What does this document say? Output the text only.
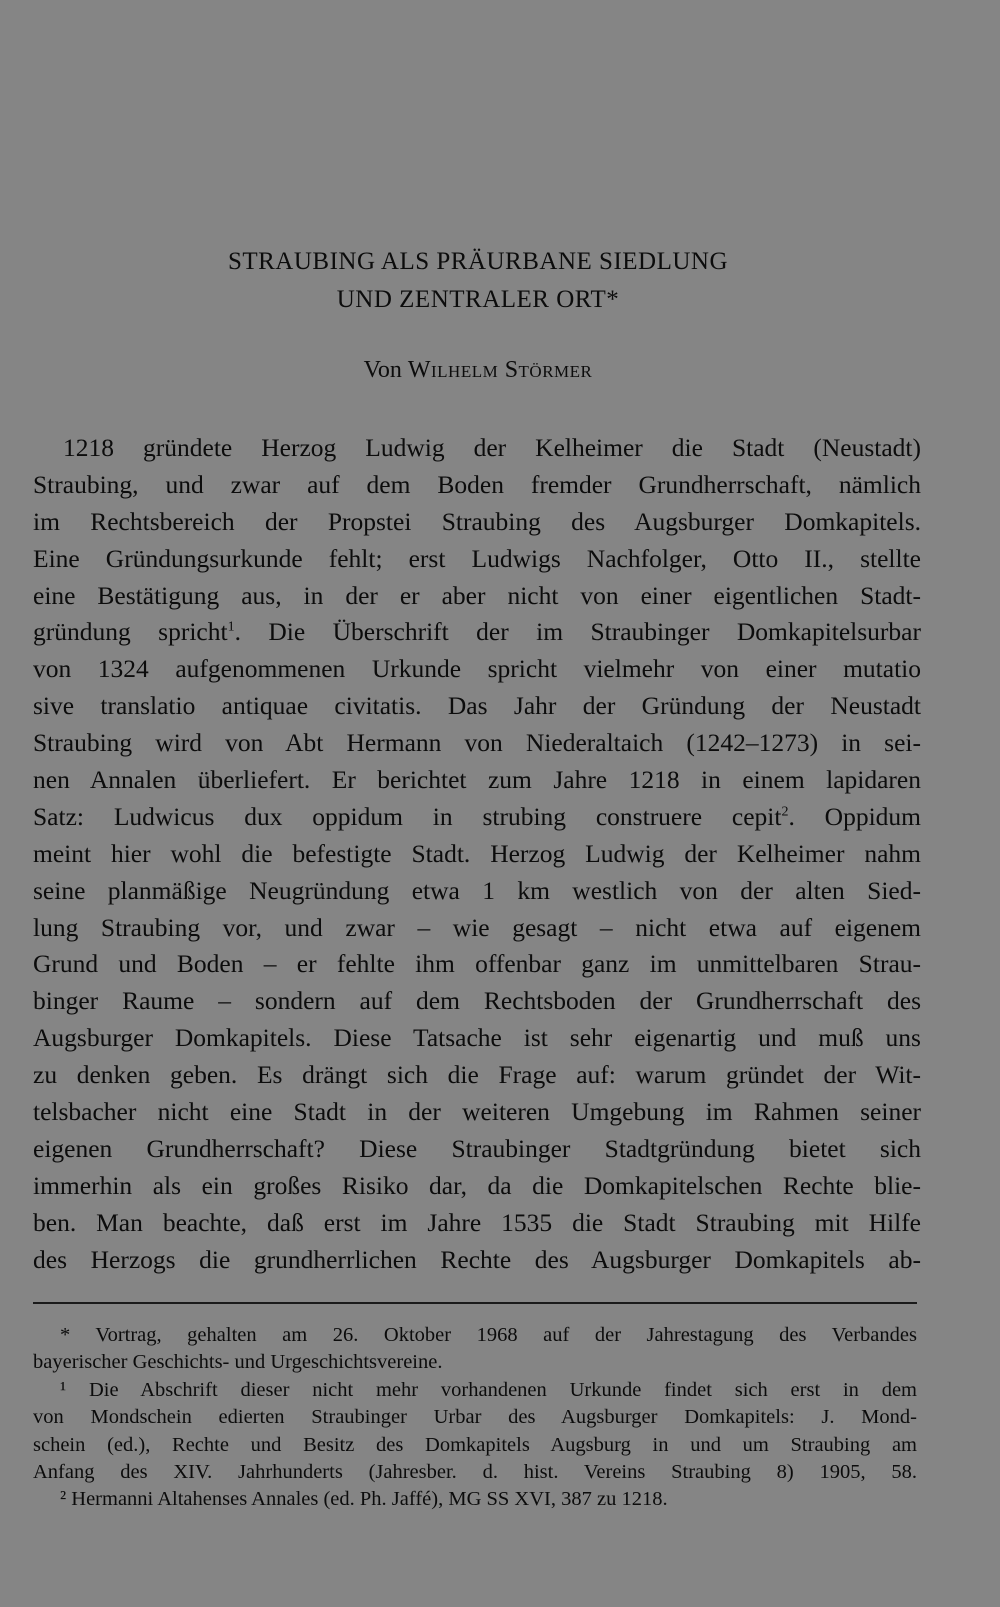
STRAUBING ALS PRÄURBANE SIEDLUNG
UND ZENTRALER ORT*
Von Wilhelm Störmer
1218 gründete Herzog Ludwig der Kelheimer die Stadt (Neustadt)
Straubing, und zwar auf dem Boden fremder Grundherrschaft, nämlich
im Rechtsbereich der Propstei Straubing des Augsburger Domkapitels.
Eine Gründungsurkunde fehlt; erst Ludwigs Nachfolger, Otto II., stellte
eine Bestätigung aus, in der er aber nicht von einer eigentlichen Stadt-
gründung spricht$^1$. Die Überschrift der im Straubinger Domkapitelsurbar
von 1324 aufgenommenen Urkunde spricht vielmehr von einer mutatio
sive translatio antiquae civitatis. Das Jahr der Gründung der Neustadt
Straubing wird von Abt Hermann von Niederaltaich (1242–1273) in sei-
nen Annalen überliefert. Er berichtet zum Jahre 1218 in einem lapidaren
Satz: Ludwicus dux oppidum in strubing construere cepit$^2$. Oppidum
meint hier wohl die befestigte Stadt. Herzog Ludwig der Kelheimer nahm
seine planmäßige Neugründung etwa 1 km westlich von der alten Sied-
lung Straubing vor, und zwar – wie gesagt – nicht etwa auf eigenem
Grund und Boden – er fehlte ihm offenbar ganz im unmittelbaren Strau-
binger Raume – sondern auf dem Rechtsboden der Grundherrschaft des
Augsburger Domkapitels. Diese Tatsache ist sehr eigenartig und muß uns
zu denken geben. Es drängt sich die Frage auf: warum gründet der Wit-
telsbacher nicht eine Stadt in der weiteren Umgebung im Rahmen seiner
eigenen Grundherrschaft? Diese Straubinger Stadtgründung bietet sich
immerhin als ein großes Risiko dar, da die Domkapitelschen Rechte blie-
ben. Man beachte, daß erst im Jahre 1535 die Stadt Straubing mit Hilfe
des Herzogs die grundherrlichen Rechte des Augsburger Domkapitels ab-
* Vortrag, gehalten am 26. Oktober 1968 auf der Jahrestagung des Verbandes
bayerischer Geschichts- und Urgeschichtsvereine.
¹ Die Abschrift dieser nicht mehr vorhandenen Urkunde findet sich erst in dem
von Mondschein edierten Straubinger Urbar des Augsburger Domkapitels: J. Mond-
schein (ed.), Rechte und Besitz des Domkapitels Augsburg in und um Straubing am
Anfang des XIV. Jahrhunderts (Jahresber. d. hist. Vereins Straubing 8) 1905, 58.
² Hermanni Altahenses Annales (ed. Ph. Jaffé), MG SS XVI, 387 zu 1218.
